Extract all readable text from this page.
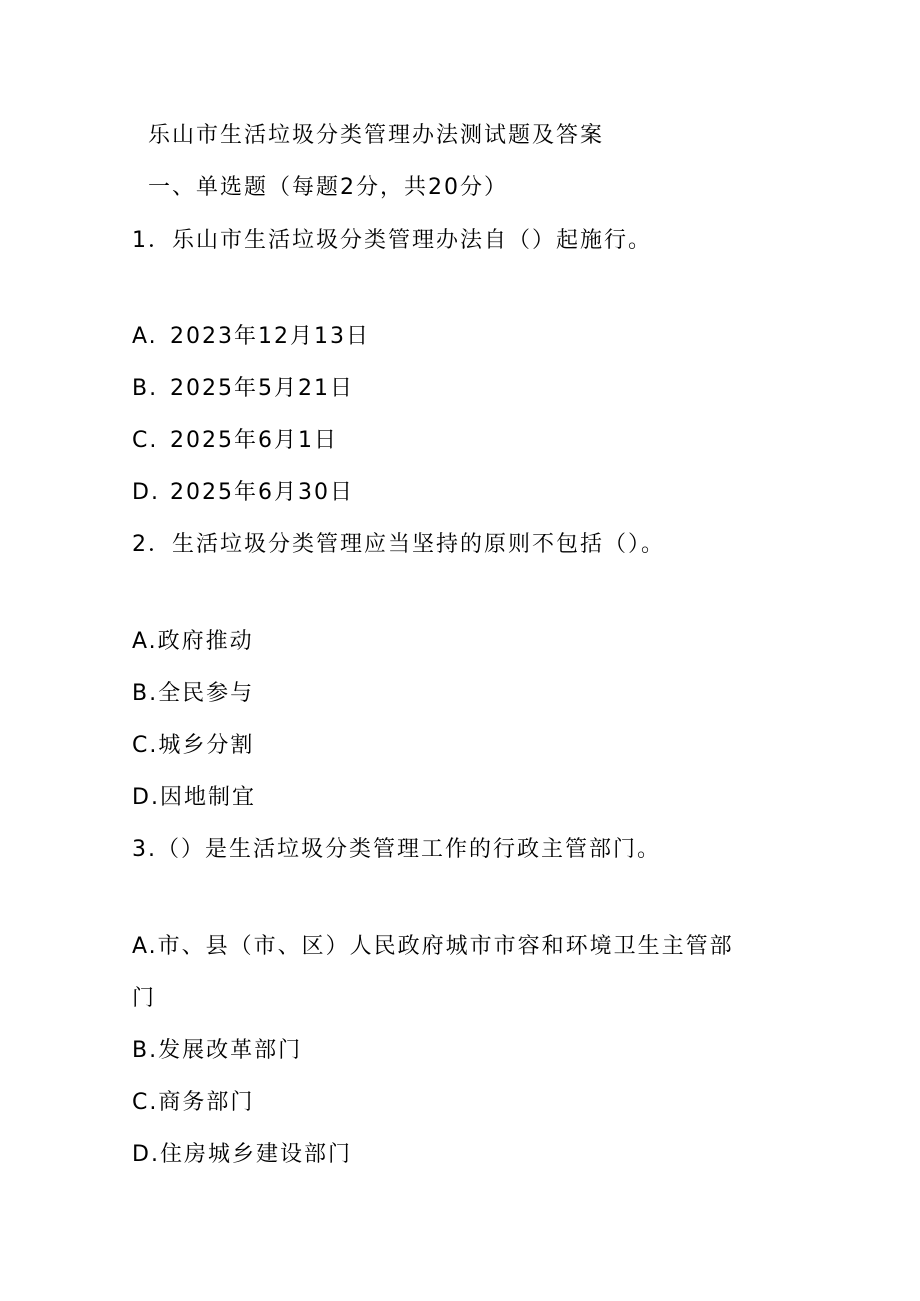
乐山市生活垃圾分类管理办法测试题及答案
一、单选题（每题2分，共20分）
1．乐山市生活垃圾分类管理办法自（）起施行。
A. 2023年12月13日
B. 2025年5月21日
C. 2025年6月1日
D. 2025年6月30日
2．生活垃圾分类管理应当坚持的原则不包括（）。
A.政府推动
B.全民参与
C.城乡分割
D.因地制宜
3.（）是生活垃圾分类管理工作的行政主管部门。
A.市、县（市、区）人民政府城市市容和环境卫生主管部
门
B.发展改革部门
C.商务部门
D.住房城乡建设部门
